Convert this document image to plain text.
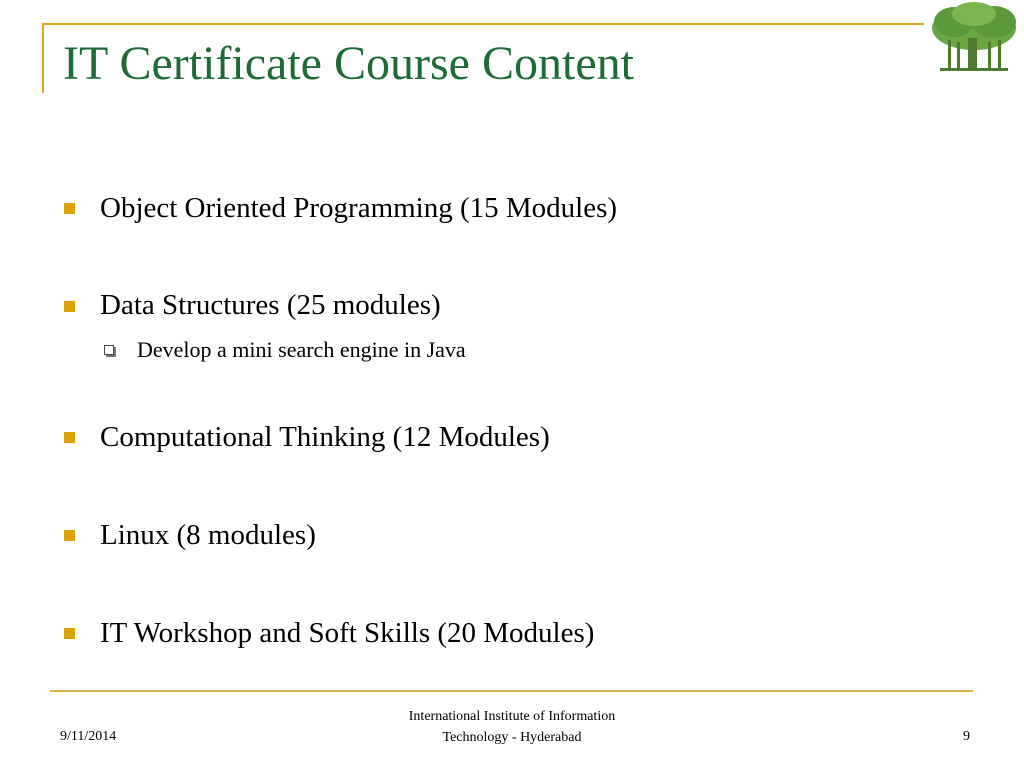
IT Certificate Course Content
Object Oriented Programming (15 Modules)
Data Structures (25 modules)
Develop a mini search engine in Java
Computational Thinking (12 Modules)
Linux (8 modules)
IT Workshop and Soft Skills (20 Modules)
9/11/2014
International Institute of Information
Technology - Hyderabad	9
